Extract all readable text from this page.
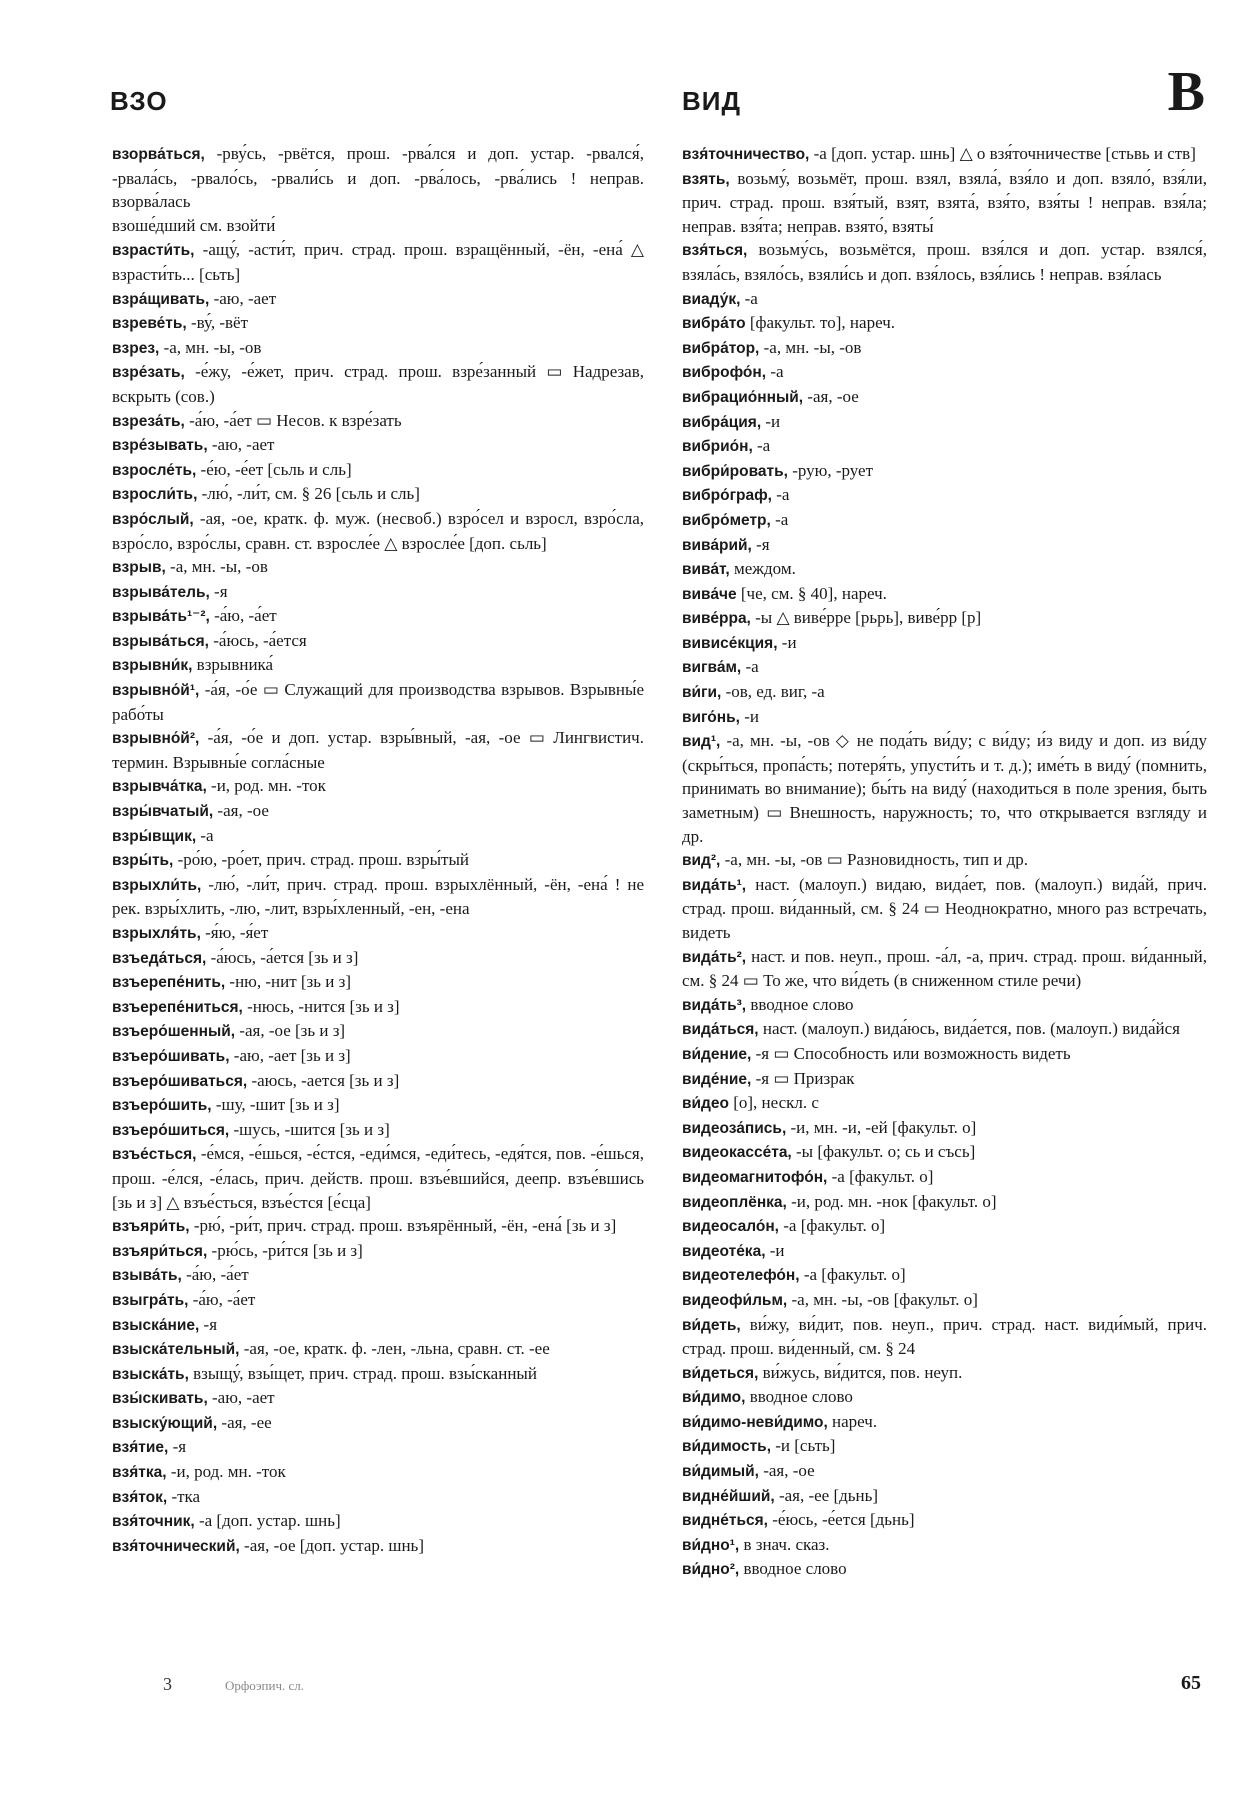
ВЗО	ВИД	В
взорва́ться, -рву́сь, -рвётся, прош. -рва́лся и доп. устар. -рвался́, -рвала́сь, -рвало́сь, -рвали́сь и доп. -рва́лось, -рва́лись ! неправ. взорва́лась
взоше́дший см. взойти́
взрасти́ть, -ащу́, -асти́т, прич. страд. прош. взращённый, -ён, -ена́ △ взрасти́ть... [сьть]
взра́щивать, -аю, -ает
взреве́ть, -ву́, -вёт
взрез, -а, мн. -ы, -ов
взре́зать, -е́жу, -е́жет, прич. страд. прош. взре́занный ▭ Надрезав, вскрыть (сов.)
взреза́ть, -а́ю, -а́ет ▭ Несов. к взре́зать
взре́зывать, -аю, -ает
взросле́ть, -е́ю, -е́ет [сьль и сль]
взросли́ть, -лю́, -ли́т, см. § 26 [сьль и сль]
взро́слый, -ая, -ое, кратк. ф. муж. (несвоб.) взро́сел и взросл, взро́сла, взро́сло, взро́слы, сравн. ст. взросле́е △ взросле́е [доп. сьль]
взрыв, -а, мн. -ы, -ов
взрыва́тель, -я
взрыва́ть¹⁻², -а́ю, -а́ет
взрыва́ться, -а́юсь, -а́ется
взрывни́к, взрывника́
взрывно́й¹, -а́я, -о́е ▭ Служащий для производства взрывов. Взрывны́е рабо́ты
взрывно́й², -а́я, -о́е и доп. устар. взры́вный, -ая, -ое ▭ Лингвистич. термин. Взрывны́е согла́сные
взрывча́тка, -и, род. мн. -ток
взры́вчатый, -ая, -ое
взры́вщик, -а
взры́ть, -ро́ю, -ро́ет, прич. страд. прош. взры́тый
взрыхли́ть, -лю́, -ли́т, прич. страд. прош. взрыхлённый, -ён, -ена́ ! не рек. взры́хлить, -лю, -лит, взры́хленный, -ен, -ена
взрыхля́ть, -я́ю, -я́ет
взъеда́ться, -а́юсь, -а́ется [зь и з]
взъерепе́нить, -ню, -нит [зь и з]
взъерепе́ниться, -нюсь, -нится [зь и з]
взъеро́шенный, -ая, -ое [зь и з]
взъеро́шивать, -аю, -ает [зь и з]
взъеро́шиваться, -аюсь, -ается [зь и з]
взъеро́шить, -шу, -шит [зь и з]
взъеро́шиться, -шусь, -шится [зь и з]
взъе́сться, -е́мся, -е́шься, -е́стся, -еди́мся, -еди́тесь, -едя́тся, пов. -е́шься, прош. -е́лся, -е́лась, прич. действ. прош. взъе́вшийся, деепр. взъе́вшись [зь и з] △ взъе́сться, взъе́стся [е́сца]
взъяри́ть, -рю́, -ри́т, прич. страд. прош. взъярённый, -ён, -ена́ [зь и з]
взъяри́ться, -рю́сь, -ри́тся [зь и з]
взыва́ть, -а́ю, -а́ет
взыгра́ть, -а́ю, -а́ет
взыска́ние, -я
взыска́тельный, -ая, -ое, кратк. ф. -лен, -льна, сравн. ст. -ее
взыска́ть, взыщу́, взы́щет, прич. страд. прош. взы́сканный
взы́скивать, -аю, -ает
взыску́ющий, -ая, -ее
взя́тие, -я
взя́тка, -и, род. мн. -ток
взя́ток, -тка
взя́точник, -а [доп. устар. шнь]
взя́точнический, -ая, -ое [доп. устар. шнь]
взя́точничество, -а [доп. устар. шнь] △ о взя́точничестве [стьвь и ств]
взять, возьму́, возьмёт, прош. взял, взяла́, взя́ло и доп. взяло́, взя́ли, прич. страд. прош. взя́тый, взят, взята́, взя́то, взя́ты ! неправ. взя́ла; неправ. взя́та; неправ. взято́, взяты́
взя́ться, возьму́сь, возьмётся, прош. взя́лся и доп. устар. взялся́, взяла́сь, взяло́сь, взяли́сь и доп. взя́лось, взя́лись ! неправ. взя́лась
виаду́к, -а
вибра́то [факульт. то], нареч.
вибра́тор, -а, мн. -ы, -ов
виброфо́н, -а
вибрацио́нный, -ая, -ое
вибра́ция, -и
вибрио́н, -а
вибри́ровать, -рую, -рует
вибро́граф, -а
вибро́метр, -а
вива́рий, -я
вива́т, междом.
вива́че [че, см. § 40], нареч.
виве́рра, -ы △ виве́рре [рьрь], виве́рр [р]
вивисе́кция, -и
вигва́м, -а
ви́ги, -ов, ед. виг, -а
виго́нь, -и
вид¹, -а, мн. -ы, -ов ◇ не пода́ть ви́ду; с ви́ду; и́з виду и доп. из ви́ду (скры́ться, пропа́сть; потеря́ть, упусти́ть и т. д.); име́ть в виду́ (помнить, принимать во внимание); бы́ть на виду́ (находиться в поле зрения, быть заметным) ▭ Внешность, наружность; то, что открывается взгляду и др.
вид², -а, мн. -ы, -ов ▭ Разновидность, тип и др.
вида́ть¹, наст. (малоуп.) видаю, вида́ет, пов. (малоуп.) вида́й, прич. страд. прош. ви́данный, см. § 24 ▭ Неоднократно, много раз встречать, видеть
вида́ть², наст. и пов. неуп., прош. -а́л, -а, прич. страд. прош. ви́данный, см. § 24 ▭ То же, что ви́деть (в сниженном стиле речи)
вида́ть³, вводное слово
вида́ться, наст. (малоуп.) вида́юсь, вида́ется, пов. (малоуп.) вида́йся
ви́дение, -я ▭ Способность или возможность видеть
виде́ние, -я ▭ Призрак
ви́део [о], нескл. с
видеоза́пись, -и, мн. -и, -ей [факульт. о]
видеокассе́та, -ы [факульт. о; сь и съсь]
видеомагнитофо́н, -а [факульт. о]
видеоплёнка, -и, род. мн. -нок [факульт. о]
видеосало́н, -а [факульт. о]
видеоте́ка, -и
видеотелефо́н, -а [факульт. о]
видеофи́льм, -а, мн. -ы, -ов [факульт. о]
ви́деть, ви́жу, ви́дит, пов. неуп., прич. страд. наст. види́мый, прич. страд. прош. ви́денный, см. § 24
ви́деться, ви́жусь, ви́дится, пов. неуп.
ви́димо, вводное слово
ви́димо-неви́димо, нареч.
ви́димость, -и [сьть]
ви́димый, -ая, -ое
видне́йший, -ая, -ее [дьнь]
видне́ться, -е́юсь, -е́ется [дьнь]
ви́дно¹, в знач. сказ.
ви́дно², вводное слово
3	Орфоэпич. сл.	65
